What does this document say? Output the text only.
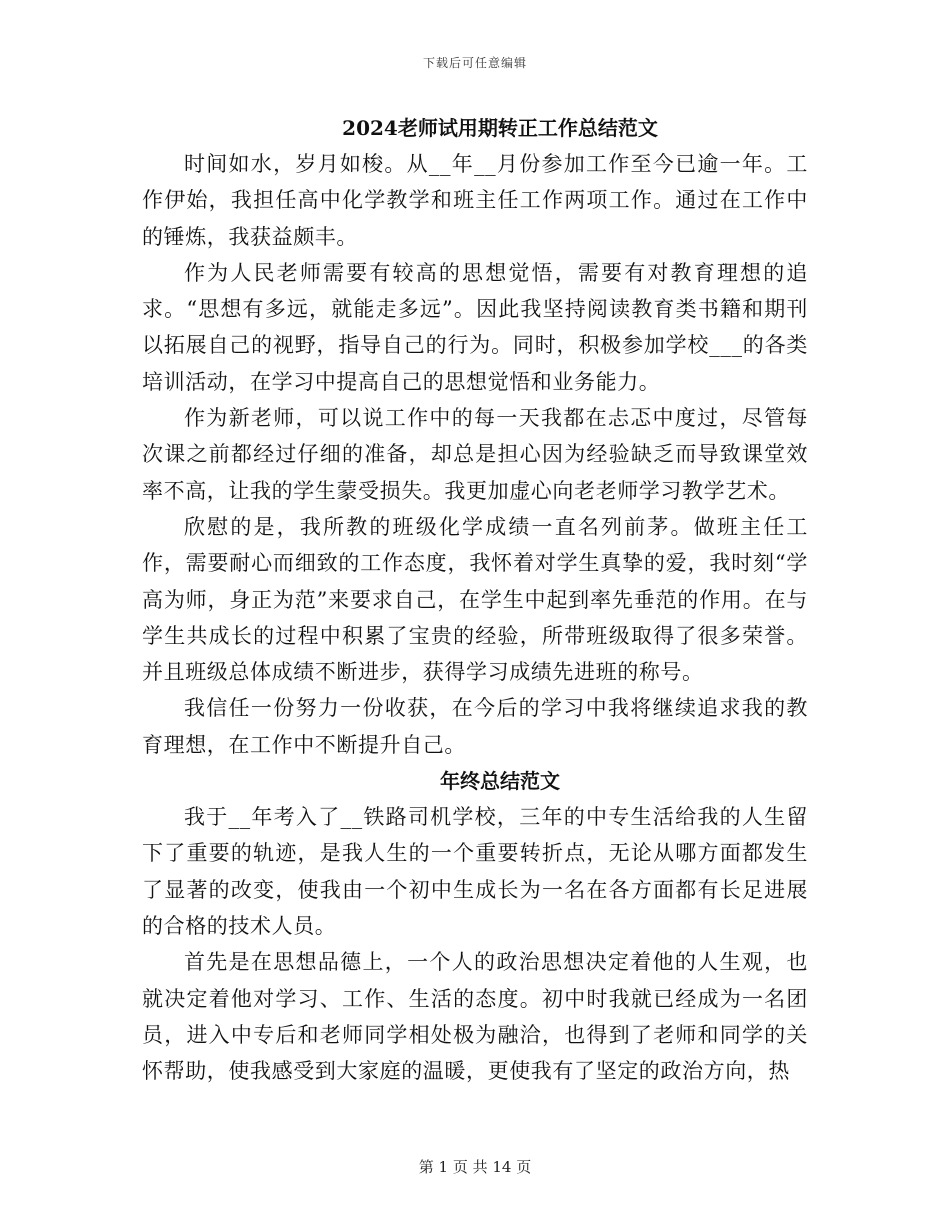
下载后可任意编辑
2024老师试用期转正工作总结范文

时间如水，岁月如梭。从__年__月份参加工作至今已逾一年。工作伊始，我担任高中化学教学和班主任工作两项工作。通过在工作中的锤炼，我获益颇丰。

作为人民老师需要有较高的思想觉悟，需要有对教育理想的追求。“思想有多远，就能走多远”。因此我坚持阅读教育类书籍和期刊以拓展自己的视野，指导自己的行为。同时，积极参加学校___的各类培训活动，在学习中提高自己的思想觉悟和业务能力。

作为新老师，可以说工作中的每一天我都在忐忑中度过，尽管每次课之前都经过仔细的准备，却总是担心因为经验缺乏而导致课堂效率不高，让我的学生蒙受损失。我更加虚心向老老师学习教学艺术。

欣慰的是，我所教的班级化学成绩一直名列前茅。做班主任工作，需要耐心而细致的工作态度，我怀着对学生真挚的爱，我时刻“学高为师，身正为范”来要求自己，在学生中起到率先垂范的作用。在与学生共成长的过程中积累了宝贵的经验，所带班级取得了很多荣誉。并且班级总体成绩不断进步，获得学习成绩先进班的称号。

我信任一份努力一份收获，在今后的学习中我将继续追求我的教育理想，在工作中不断提升自己。

年终总结范文

我于__年考入了__铁路司机学校，三年的中专生活给我的人生留下了重要的轨迹，是我人生的一个重要转折点，无论从哪方面都发生了显著的改变，使我由一个初中生成长为一名在各方面都有长足进展的合格的技术人员。

首先是在思想品德上，一个人的政治思想决定着他的人生观，也就决定着他对学习、工作、生活的态度。初中时我就已经成为一名团员，进入中专后和老师同学相处极为融洽，也得到了老师和同学的关怀帮助，使我感受到大家庭的温暖，更使我有了坚定的政治方向，热

第 1 页 共 14 页
